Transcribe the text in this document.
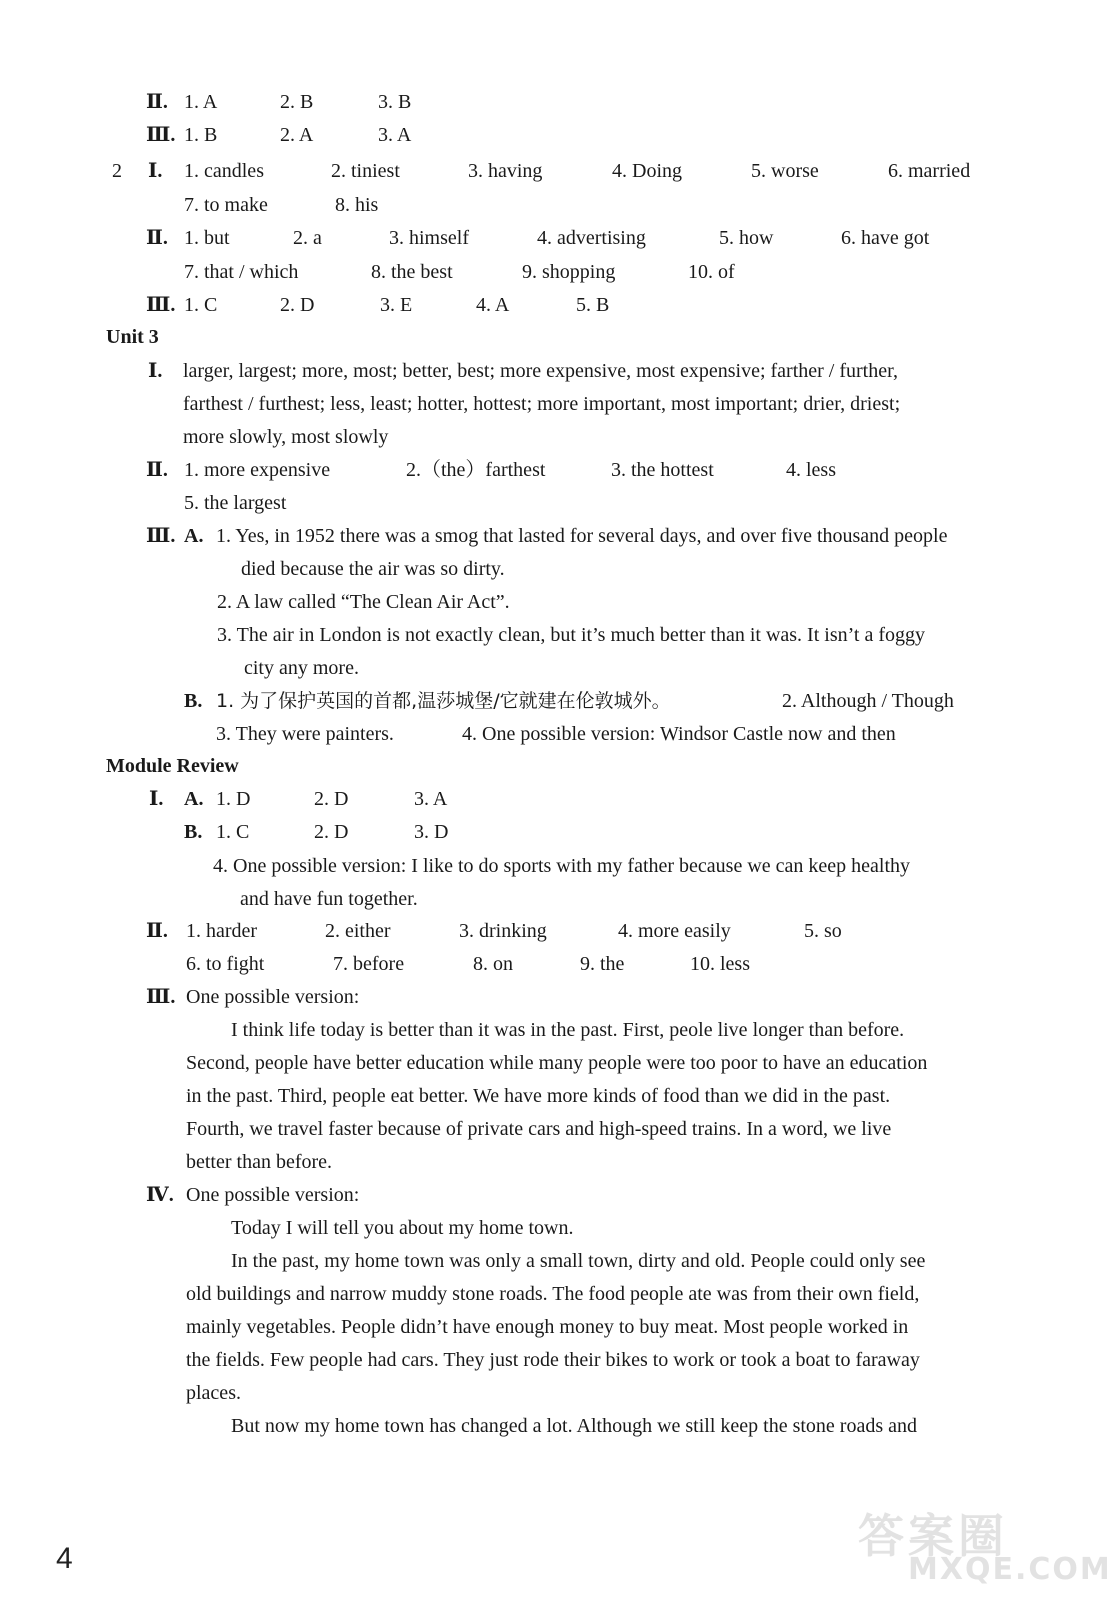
Ⅱ. 1. A	2. B	3. B
Ⅲ. 1. B	2. A	3. A
2 Ⅰ. 1. candles	2. tiniest	3. having	4. Doing	5. worse	6. married
7. to make	8. his
Ⅱ. 1. but	2. a	3. himself	4. advertising	5. how	6. have got
7. that / which	8. the best	9. shopping	10. of
Ⅲ. 1. C	2. D	3. E	4. A	5. B
Unit 3
Ⅰ. larger, largest; more, most; better, best; more expensive, most expensive; farther / further,
farthest / furthest; less, least; hotter, hottest; more important, most important; drier, driest;
more slowly, most slowly
Ⅱ. 1. more expensive	2.（the）farthest	3. the hottest	4. less
5. the largest
Ⅲ. A. 1. Yes, in 1952 there was a smog that lasted for several days, and over five thousand people
died because the air was so dirty.
2. A law called “The Clean Air Act”.
3. The air in London is not exactly clean, but it’s much better than it was. It isn’t a foggy
city any more.
B. 1. 为了保护英国的首都,温莎城堡/它就建在伦敦城外。	2. Although / Though
3. They were painters.	4. One possible version: Windsor Castle now and then
Module Review
Ⅰ. A. 1. D	2. D	3. A
B. 1. C	2. D	3. D
4. One possible version: I like to do sports with my father because we can keep healthy
and have fun together.
Ⅱ. 1. harder	2. either	3. drinking	4. more easily	5. so
6. to fight	7. before	8. on	9. the	10. less
Ⅲ. One possible version:
I think life today is better than it was in the past. First, peole live longer than before.
Second, people have better education while many people were too poor to have an education
in the past. Third, people eat better. We have more kinds of food than we did in the past.
Fourth, we travel faster because of private cars and high-speed trains. In a word, we live
better than before.
Ⅳ. One possible version:
Today I will tell you about my home town.
In the past, my home town was only a small town, dirty and old. People could only see
old buildings and narrow muddy stone roads. The food people ate was from their own field,
mainly vegetables. People didn’t have enough money to buy meat. Most people worked in
the fields. Few people had cars. They just rode their bikes to work or took a boat to faraway
places.
But now my home town has changed a lot. Although we still keep the stone roads and
4	答案圈
MXQE.COM
